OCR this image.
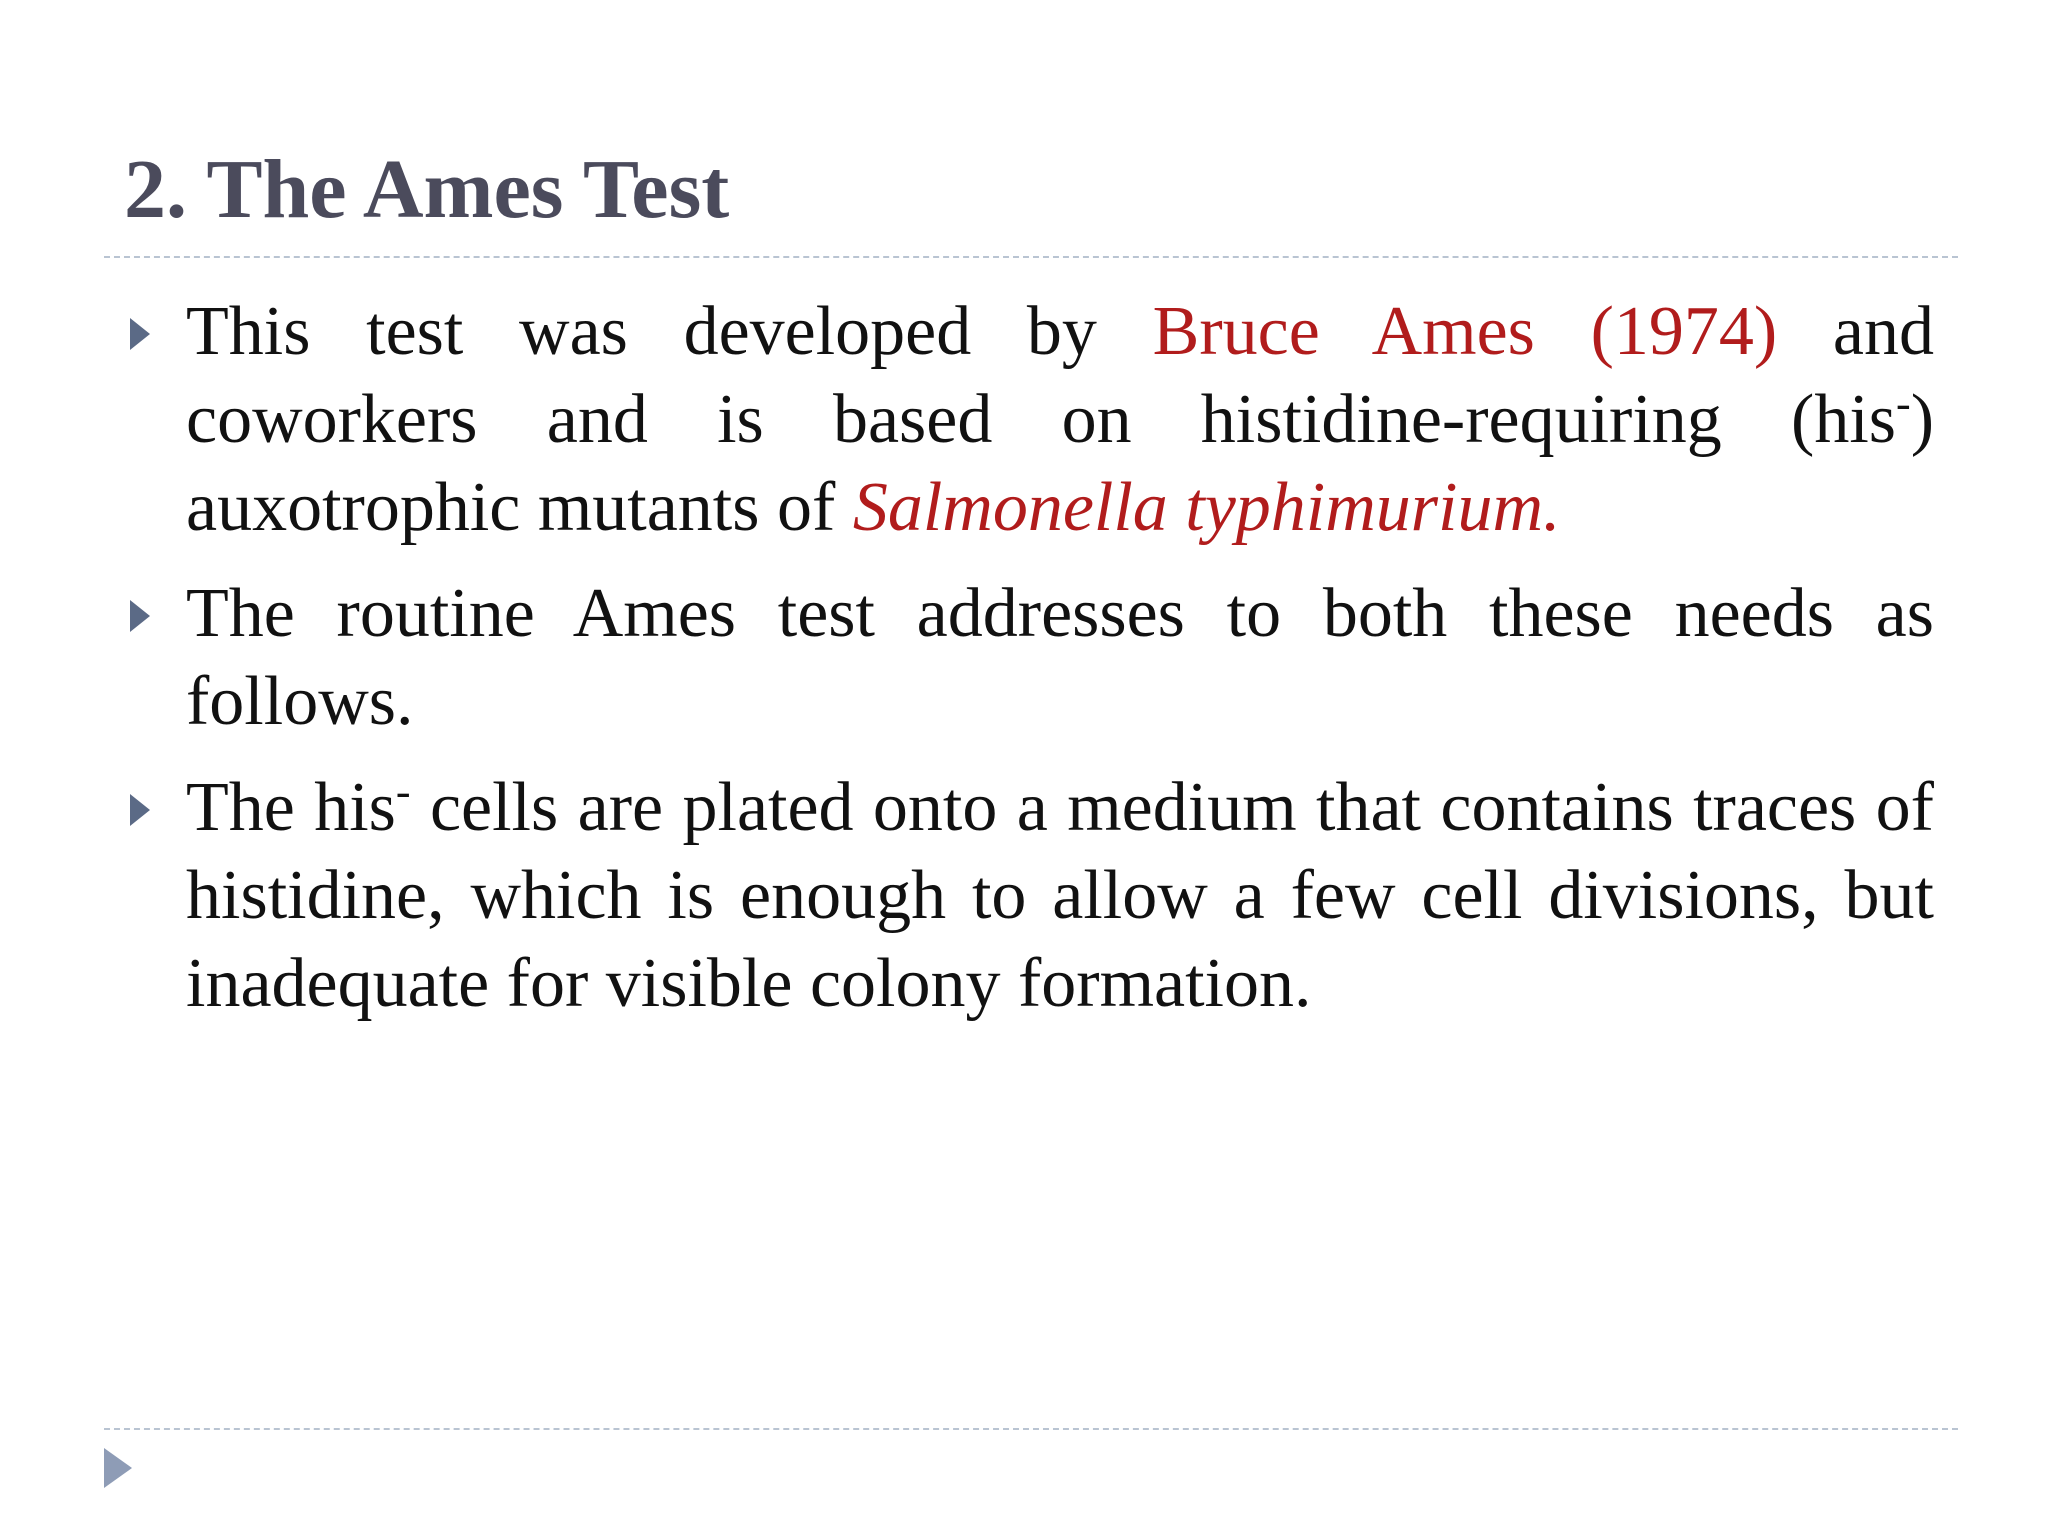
2. The Ames Test
This test was developed by Bruce Ames (1974) and coworkers and is based on histidine-requiring (his-) auxotrophic mutants of Salmonella typhimurium.
The routine Ames test addresses to both these needs as follows.
The his- cells are plated onto a medium that contains traces of histidine, which is enough to allow a few cell divisions, but inadequate for visible colony formation.
